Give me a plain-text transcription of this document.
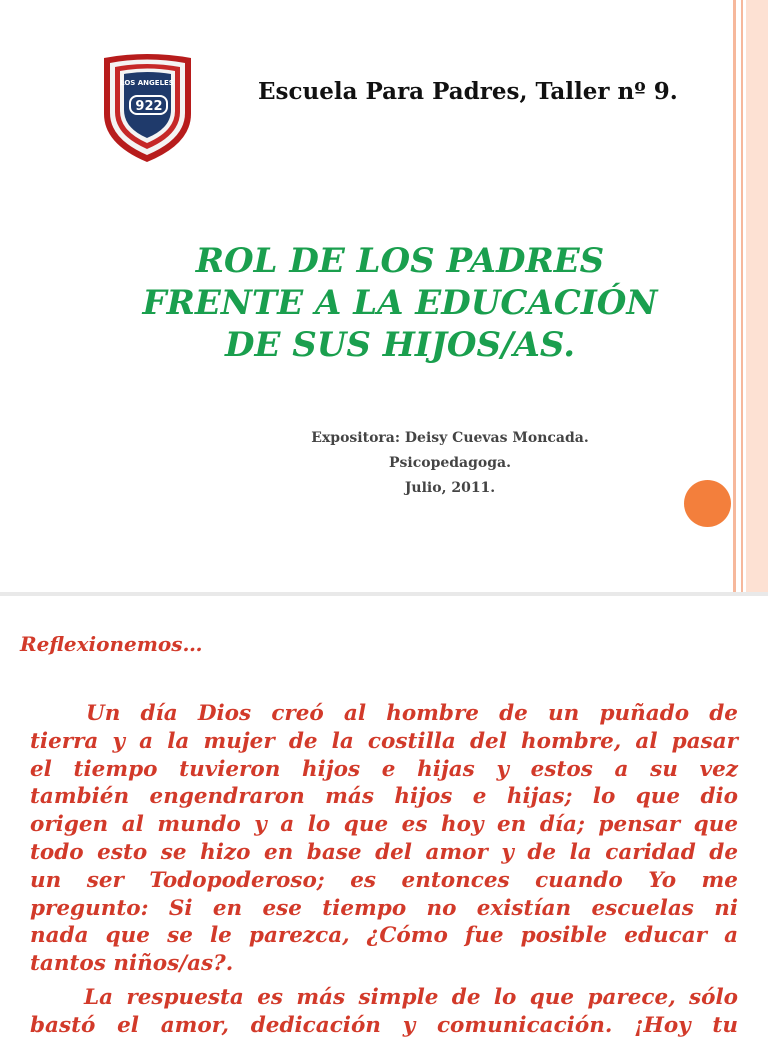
LOS ANGELES
922
Escuela Para Padres, Taller nº 9.
ROL DE LOS PADRES
FRENTE A LA EDUCACIÓN
DE SUS HIJOS/AS.
Expositora: Deisy Cuevas Moncada.
Psicopedagoga.
Julio, 2011.
Reflexionemos…
Un día Dios creó al hombre de un puñado de
tierra y a la mujer de la costilla del hombre, al pasar
el tiempo tuvieron hijos e hijas y estos a su vez
también engendraron más hijos e hijas; lo que dio
origen al mundo y a lo que es hoy en día; pensar que
todo esto se hizo en base del amor y de la caridad de
un ser Todopoderoso; es entonces cuando Yo me
pregunto: Si en ese tiempo no existían escuelas ni
nada que se le parezca, ¿Cómo fue posible educar a
tantos niños/as?.
La respuesta es más simple de lo que parece, sólo
bastó el amor, dedicación y comunicación. ¡Hoy tu
